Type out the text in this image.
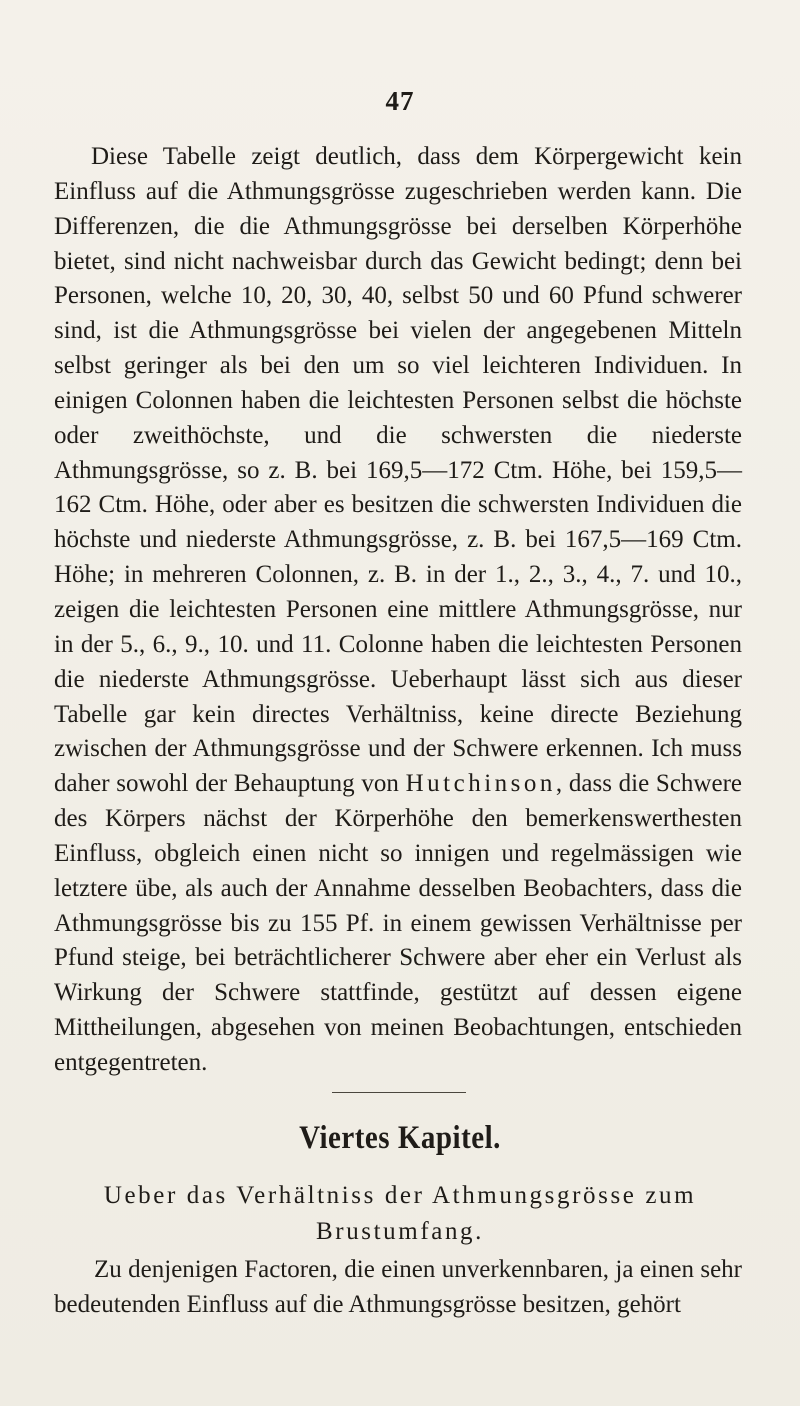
47

Diese Tabelle zeigt deutlich, dass dem Körpergewicht kein Einfluss auf die Athmungsgrösse zugeschrieben werden kann. Die Differenzen, die die Athmungsgrösse bei derselben Körperhöhe bietet, sind nicht nachweisbar durch das Gewicht bedingt; denn bei Personen, welche 10, 20, 30, 40, selbst 50 und 60 Pfund schwerer sind, ist die Athmungsgrösse bei vielen der angegebenen Mitteln selbst geringer als bei den um so viel leichteren Individuen. In einigen Colonnen haben die leichtesten Personen selbst die höchste oder zweithöchste, und die schwersten die niederste Athmungsgrösse, so z. B. bei 169,5—172 Ctm. Höhe, bei 159,5—162 Ctm. Höhe, oder aber es besitzen die schwersten Individuen die höchste und niederste Athmungsgrösse, z. B. bei 167,5—169 Ctm. Höhe; in mehreren Colonnen, z. B. in der 1., 2., 3., 4., 7. und 10., zeigen die leichtesten Personen eine mittlere Athmungsgrösse, nur in der 5., 6., 9., 10. und 11. Colonne haben die leichtesten Personen die niederste Athmungsgrösse. Ueberhaupt lässt sich aus dieser Tabelle gar kein directes Verhältniss, keine directe Beziehung zwischen der Athmungsgrösse und der Schwere erkennen. Ich muss daher sowohl der Behauptung von Hutchinson, dass die Schwere des Körpers nächst der Körperhöhe den bemerkenswerthesten Einfluss, obgleich einen nicht so innigen und regelmässigen wie letztere übe, als auch der Annahme desselben Beobachters, dass die Athmungsgrösse bis zu 155 Pf. in einem gewissen Verhältnisse per Pfund steige, bei beträchtlicherer Schwere aber eher ein Verlust als Wirkung der Schwere stattfinde, gestützt auf dessen eigene Mittheilungen, abgesehen von meinen Beobachtungen, entschieden entgegentreten.

Viertes Kapitel.
Ueber das Verhältniss der Athmungsgrösse zum
Brustumfang.

Zu denjenigen Factoren, die einen unverkennbaren, ja einen sehr bedeutenden Einfluss auf die Athmungsgrösse besitzen, gehört
